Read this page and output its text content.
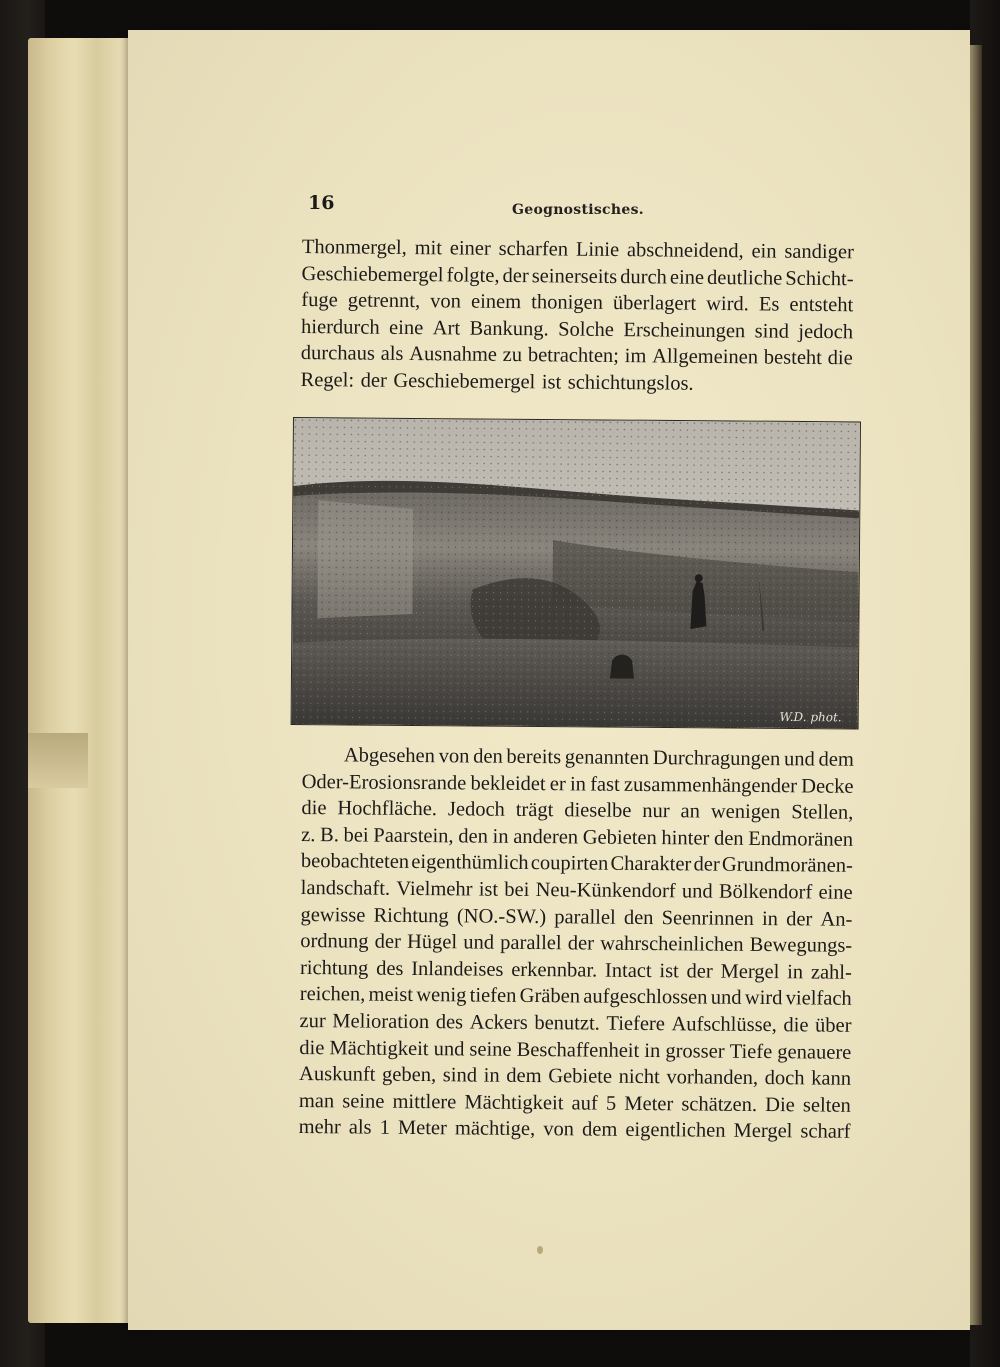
16	Geognostisches.
Thonmergel, mit einer scharfen Linie abschneidend, ein sandiger
Geschiebemergel folgte, der seinerseits durch eine deutliche Schicht-
fuge getrennt, von einem thonigen überlagert wird. Es entsteht
hierdurch eine Art Bankung. Solche Erscheinungen sind jedoch
durchaus als Ausnahme zu betrachten; im Allgemeinen besteht die
Regel: der Geschiebemergel ist schichtungslos.
W.D. phot.
Abgesehen von den bereits genannten Durchragungen und dem
Oder-Erosionsrande bekleidet er in fast zusammenhängender Decke
die Hochfläche. Jedoch trägt dieselbe nur an wenigen Stellen,
z. B. bei Paarstein, den in anderen Gebieten hinter den Endmoränen
beobachteten eigenthümlich coupirten Charakter der Grundmoränen-
landschaft. Vielmehr ist bei Neu-Künkendorf und Bölkendorf eine
gewisse Richtung (NO.-SW.) parallel den Seenrinnen in der An-
ordnung der Hügel und parallel der wahrscheinlichen Bewegungs-
richtung des Inlandeises erkennbar. Intact ist der Mergel in zahl-
reichen, meist wenig tiefen Gräben aufgeschlossen und wird vielfach
zur Melioration des Ackers benutzt. Tiefere Aufschlüsse, die über
die Mächtigkeit und seine Beschaffenheit in grosser Tiefe genauere
Auskunft geben, sind in dem Gebiete nicht vorhanden, doch kann
man seine mittlere Mächtigkeit auf 5 Meter schätzen. Die selten
mehr als 1 Meter mächtige, von dem eigentlichen Mergel scharf
